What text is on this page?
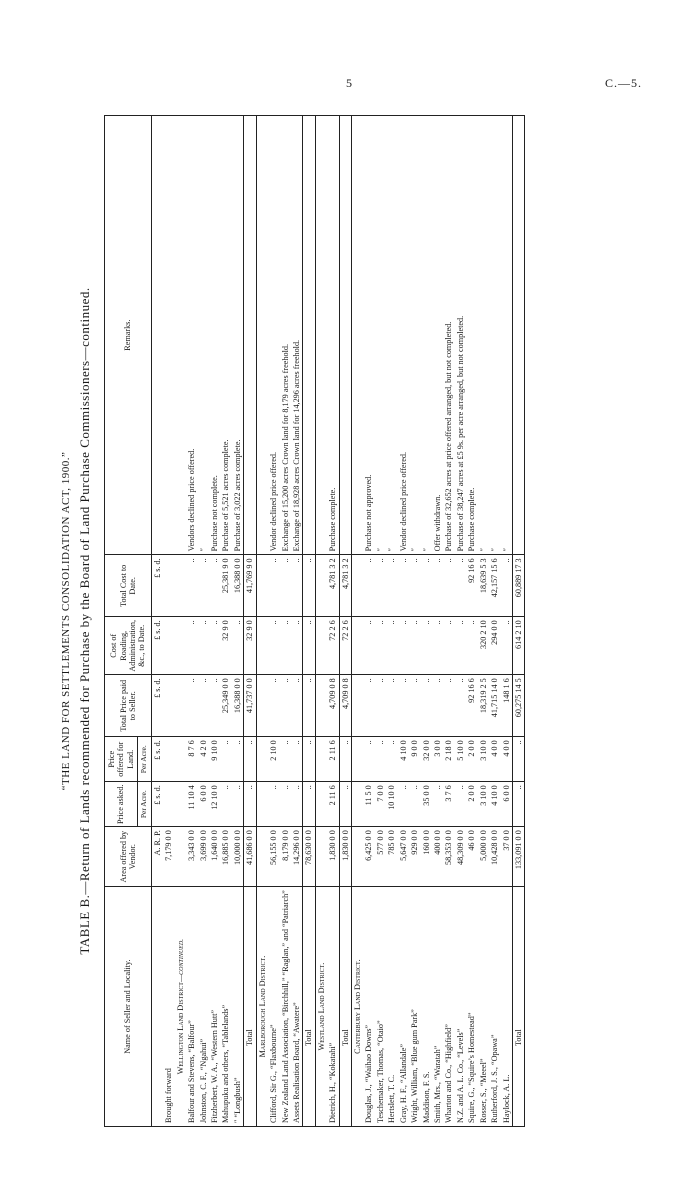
5	C.—5.
“THE LAND FOR SETTLEMENTS CONSOLIDATION ACT, 1900.” TABLE B.—Return of Lands recommended for Purchase by the Board of Land Purchase Commissioners—continued.
Name of Seller and Locality.	Area offered by Vendor.	Price asked.	Price offered for Land.	Total Price paid to Seller.	Cost of Roading, Administration, &c., to Date.	Total Cost to Date.	Remarks.
		Per Acre.	Per Acre.				
	A. R. P.	£ s. d.	£ s. d.	£ s. d.	£ s. d.	£ s. d.	
Brought forward	7,179 0 0						
Wellington Land District—continued.							
Balfour and Stevens, “Balfour”	3,343 0 0	11 10 4	8 7 6	..	..	..	Vendors declined price offered.
Johnston, C. F., “Ngahui”	3,699 0 0	6 0 0	4 2 0	..	..	..	″
Fitzherbert, W. A., “Western Hutt”	1,640 0 0	12 10 0	9 10 0	..	..	..	Purchase not complete.
Mahupuku and others, “Tablelands”	16,885 0 0	..	..	25,349 0 0	32 9 0	25,381 9 0	Purchase of 5,521 acres complete.
″ “Longbush”	10,000 0 0	..	..	16,388 0 0	..	16,388 0 0	Purchase of 3,022 acres complete.
Total	41,686 0 0	..	..	41,737 0 0	32 9 0	41,769 9 0	
Marlborough Land District.							
Clifford, Sir G., “Flaxbourne”	56,155 0 0	..	2 10 0	..	..	..	Vendor declined price offered.
New Zealand Land Association, “Birchhill,” “Raglan,” and “Patriarch”	8,179 0 0	..	..	..	..	..	Exchange of 15,200 acres Crown land for 8,179 acres freehold.
Assets Realisation Board, “Awatere”	14,296 0 0	..	..	..	..	..	Exchange of 18,928 acres Crown land for 14,296 acres freehold.
Total	78,630 0 0	..	..	..	..	..	
Westland Land District.							
Dietrich, H., “Kokatahi”	1,830 0 0	2 11 6	2 11 6	4,709 0 8	72 2 6	4,781 3 2	Purchase complete.
Total	1,830 0 0	..	..	4,709 0 8	72 2 6	4,781 3 2	
Canterbury Land District.							
Douglas, J., “Waihao Downs”	6,425 0 0	11 5 0	..	..	..	..	Purchase not approved.
Teschemaker, Thomas, “Otaio”	577 0 0	7 0 0	..	..	..	..	″
Hertslett, T. C.	785 0 0	10 10 0	..	..	..	..	″
Gray, H. F., “Allandale”	5,647 0 0	..	4 10 0	..	..	..	Vendor declined price offered.
Wright, William, “Blue gum Park”	929 0 0	..	9 0 0	..	..	..	″
Maddison, F. S.	160 0 0	35 0 0	32 0 0	..	..	..	″
Smith, Mrs., “Waratah”	400 0 0	..	3 0 0	..	..	..	Offer withdrawn.
Wharton and Co., “Highfield”	58,353 0 0	3 7 6	2 18 0	..	..	..	Purchase of 32,652 acres at price offered arranged, but not completed.
N.Z. and A. L. Co., “Levels”	48,309 0 0	..	5 10 0	..	..	..	Purchase of 38,247 acres at £5 9s. per acre arranged, but not completed.
Squire, G., “Squire’s Homestead”	46 0 0	2 0 0	2 0 0	92 16 6	..	92 16 6	Purchase complete.
Rosser, S., “Meeel”	5,000 0 0	3 10 0	3 10 0	18,319 2 5	320 2 10	18,639 5 3	″
Rutherford, J. S., “Opawa”	10,428 0 0	4 10 0	4 0 0	41,715 14 0	294 0 0	42,157 15 6	″
Haylock, A. L.	37 0 0	6 0 0	4 0 0	148 1 6	..	..	″
Total	133,091 0 0	..	..	60,275 14 5	614 2 10	60,889 17 3	
